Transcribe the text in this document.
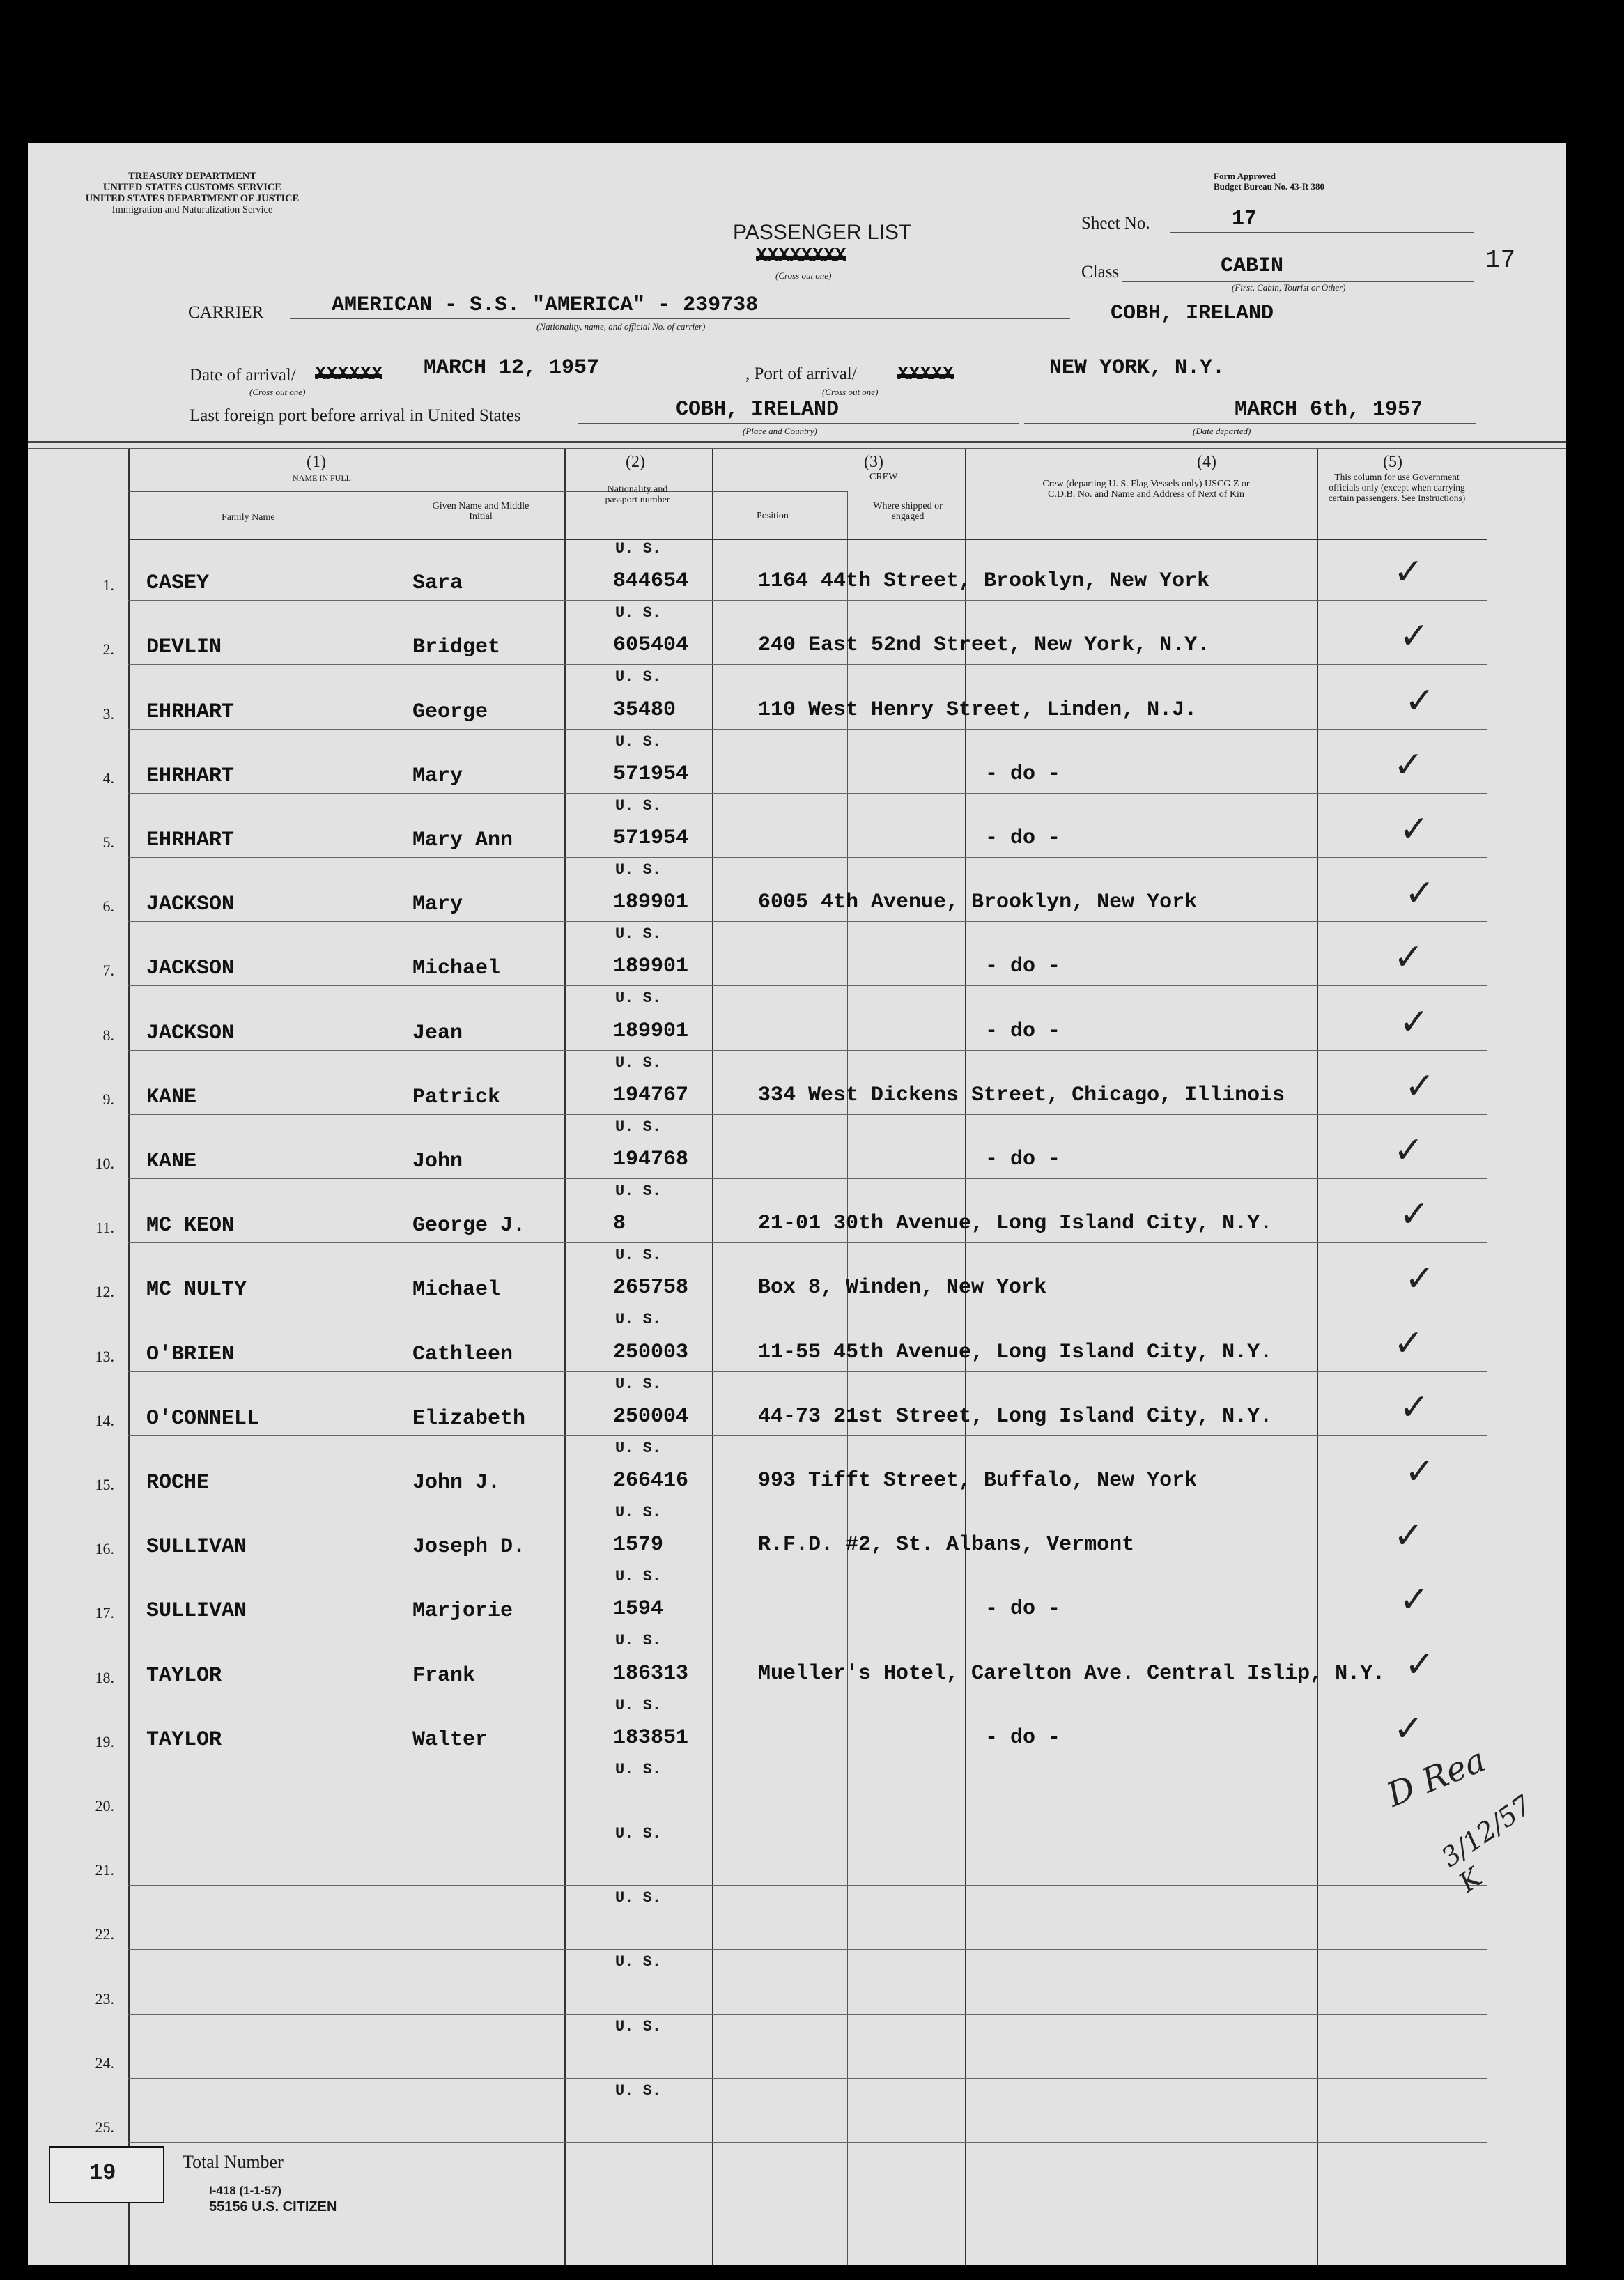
TREASURY DEPARTMENT
UNITED STATES CUSTOMS SERVICE
UNITED STATES DEPARTMENT OF JUSTICE
Immigration and Naturalization Service
Form Approved
Budget Bureau No. 43-R 380
PASSENGER LIST
XXXXXXXX
(Cross out one)
Sheet No.	17
17
Class	CABIN
(First, Cabin, Tourist or Other)
CARRIER	AMERICAN - S.S. "AMERICA" - 239738
(Nationality, name, and official No. of carrier)
COBH, IRELAND
Date of arrival/ XXXXXX MARCH 12, 1957
(Cross out one)
, Port of arrival/ XXXXX	NEW YORK, N.Y.
(Cross out one)
Last foreign port before arrival in United States	COBH, IRELAND
(Place and Country)
MARCH 6th, 1957
(Date departed)
(1)
NAME IN FULL
Family Name
Given Name and Middle Initial
(2)
Nationality and passport number
(3)
CREW
Position
Where shipped or engaged
(4)
Crew (departing U. S. Flag Vessels only) USCG Z or C.D.B. No. and Name and Address of Next of Kin
(5)
This column for use Government officials only (except when carrying certain passengers. See Instructions)
1.
U. S.
CASEY	Sara	844654	1164 44th Street, Brooklyn, New York	✓
2.
U. S.
DEVLIN	Bridget	605404	240 East 52nd Street, New York, N.Y.	✓
3.
U. S.
EHRHART	George	35480	110 West Henry Street, Linden, N.J.	✓
4.
U. S.
EHRHART	Mary	571954	- do -	✓
5.
U. S.
EHRHART	Mary Ann	571954	- do -	✓
6.
U. S.
JACKSON	Mary	189901	6005 4th Avenue, Brooklyn, New York	✓
7.
U. S.
JACKSON	Michael	189901	- do -	✓
8.
U. S.
JACKSON	Jean	189901	- do -	✓
9.
U. S.
KANE	Patrick	194767	334 West Dickens Street, Chicago, Illinois	✓
10.
U. S.
KANE	John	194768	- do -	✓
11.
U. S.
MC KEON	George J.	8	21-01 30th Avenue, Long Island City, N.Y.	✓
12.
U. S.
MC NULTY	Michael	265758	Box 8, Winden, New York	✓
13.
U. S.
O'BRIEN	Cathleen	250003	11-55 45th Avenue, Long Island City, N.Y.	✓
14.
U. S.
O'CONNELL	Elizabeth	250004	44-73 21st Street, Long Island City, N.Y.	✓
15.
U. S.
ROCHE	John J.	266416	993 Tifft Street, Buffalo, New York	✓
16.
U. S.
SULLIVAN	Joseph D.	1579	R.F.D. #2, St. Albans, Vermont	✓
17.
U. S.
SULLIVAN	Marjorie	1594	- do -	✓
18.
U. S.
TAYLOR	Frank	186313	Mueller's Hotel, Carelton Ave. Central Islip, N.Y. ✓
19.
U. S.
TAYLOR	Walter	183851	- do -	✓
20.
U. S.
21.
U. S.
22.
U. S.
23.
U. S.
24.
U. S.
25.
U. S.
D Rea
3/12/57 K
19	Total Number
I-418 (1-1-57)
55156 U.S. CITIZEN
